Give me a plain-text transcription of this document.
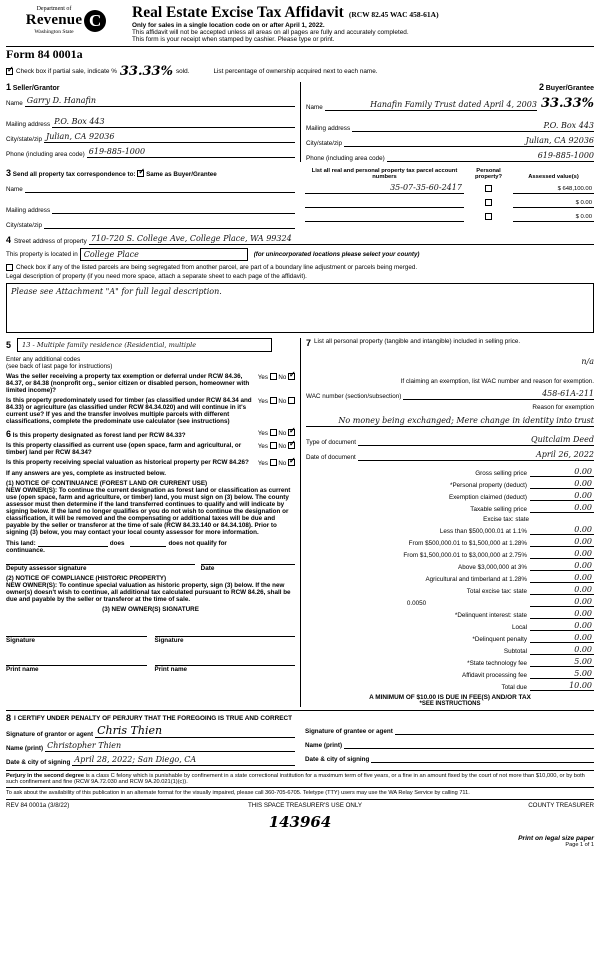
Department of
Revenue
Washington State
C	Real Estate Excise Tax Affidavit (RCW 82.45 WAC 458-61A)
Only for sales in a single location code on or after April 1, 2022.
This affidavit will not be accepted unless all areas on all pages are fully and accurately completed.
This form is your receipt when stamped by cashier. Please type or print.
Form 84 0001a
✓
Check box if partial sale, indicate % 33.33% sold.	List percentage of ownership acquired next to each name.
1 Seller/Grantor
Name Garry D. Hanafin
Mailing address P.O. Box 443
City/state/zip Julian, CA 92036
Phone (including area code) 619-885-1000
2 Buyer/Grantee
Name	Hanafin Family Trust dated April 4, 2003 33.33%
Mailing address	P.O. Box 443
City/state/zip	Julian, CA 92036
Phone (including area code)	619-885-1000
3 Send all property tax correspondence to: ✓ Same as Buyer/Grantee
Name
Mailing address
City/state/zip
List all real and personal property tax parcel account numbers	Personal property?	Assessed value(s)
35-07-35-60-2417		$ 648,100.00
		$ 0.00
		$ 0.00
4 Street address of property 710-720 S. College Ave, College Place, WA 99324
This property is located in College Place	(for unincorporated locations please select your county)
Check box if any of the listed parcels are being segregated from another parcel, are part of a boundary line adjustment or parcels being merged.
Legal description of property (if you need more space, attach a separate sheet to each page of the affidavit).
Please see Attachment "A" for full legal description.
5	13 - Multiple family residence (Residential, multiple
Enter any additional codes
(see back of last page for instructions)
Was the seller receiving a property tax exemption or deferral under RCW 84.36, 84.37, or 84.38 (nonprofit org., senior citizen or disabled person, homeowner with limited income)?
Yes  No ✓
Is this property predominately used for timber (as classified under RCW 84.34 and 84.33) or agriculture (as classified under RCW 84.34.020) and will continue in it's current use? If yes and the transfer involves multiple parcels with different classifications, complete the predominate use calculator (see instructions)
Yes  No
6 Is this property designated as forest land per RCW 84.33?	Yes  No ✓
Is this property classified as current use (open space, farm and agricultural, or timber) land per RCW 84.34?
Yes  No ✓
Is this property receiving special valuation as historical property per RCW 84.26?	Yes  No ✓
If any answers are yes, complete as instructed below.
(1) NOTICE OF CONTINUANCE (FOREST LAND OR CURRENT USE)
NEW OWNER(S): To continue the current designation as forest land or classification as current use (open space, farm and agriculture, or timber) land, you must sign on (3) below. The county assessor must then determine if the land transferred continues to qualify and will indicate by signing below. If the land no longer qualifies or you do not wish to continue the designation or classification, it will be removed and the compensating or additional taxes will be due and payable by the seller or transferor at the time of sale (RCW 84.33.140 or 84.34.108). Prior to signing (3) below, you may contact your local county assessor for more information.
This land:	does	does not qualify for
continuance.
Deputy assessor signature	Date
(2) NOTICE OF COMPLIANCE (HISTORIC PROPERTY)
NEW OWNER(S): To continue special valuation as historic property, sign (3) below. If the new owner(s) doesn't wish to continue, all additional tax calculated pursuant to RCW 84.26, shall be due and payable by the seller or transferor at the time of sale.
(3) NEW OWNER(S) SIGNATURE
Signature	Signature
Print name	Print name
7 List all personal property (tangible and intangible) included in selling price.
n/a
If claiming an exemption, list WAC number and reason for exemption.
WAC number (section/subsection)	458-61A-211
Reason for exemption
No money being exchanged; Mere change in identity into trust
Type of document	Quitclaim Deed
Date of document	April 26, 2022
Gross selling price	0.00
*Personal property (deduct)	0.00
Exemption claimed (deduct)	0.00
Taxable selling price	0.00
Excise tax: state
Less than $500,000.01 at 1.1%	0.00
From $500,000.01 to $1,500,000 at 1.28%	0.00
From $1,500,000.01 to $3,000,000 at 2.75%	0.00
Above $3,000,000 at 3%	0.00
Agricultural and timberland at 1.28%	0.00
Total excise tax: state	0.00
0.0050	0.00
*Delinquent interest: state	0.00
Local	0.00
*Delinquent penalty	0.00
Subtotal	0.00
*State technology fee	5.00
Affidavit processing fee	5.00
Total due	10.00
A MINIMUM OF $10.00 IS DUE IN FEE(S) AND/OR TAX
*SEE INSTRUCTIONS
8 I CERTIFY UNDER PENALTY OF PERJURY THAT THE FOREGOING IS TRUE AND CORRECT
Signature of grantor or agent Chris Thien
Name (print) Christopher Thien
Date & city of signing April 28, 2022; San Diego, CA
Signature of grantee or agent
Name (print)
Date & city of signing
Perjury in the second degree is a class C felony which is punishable by confinement in a state correctional institution for a maximum term of five years, or a fine in an amount fixed by the court of not more than $10,000, or by both such confinement and fine (RCW 9A.72.030 and RCW 9A.20.021(1)(c)).
To ask about the availability of this publication in an alternate format for the visually impaired, please call 360-705-6705. Teletype (TTY) users may use the WA Relay Service by calling 711.
REV 84 0001a (3/8/22)	THIS SPACE TREASURER'S USE ONLY	COUNTY TREASURER
143964
Print on legal size paper
Page 1 of 1
